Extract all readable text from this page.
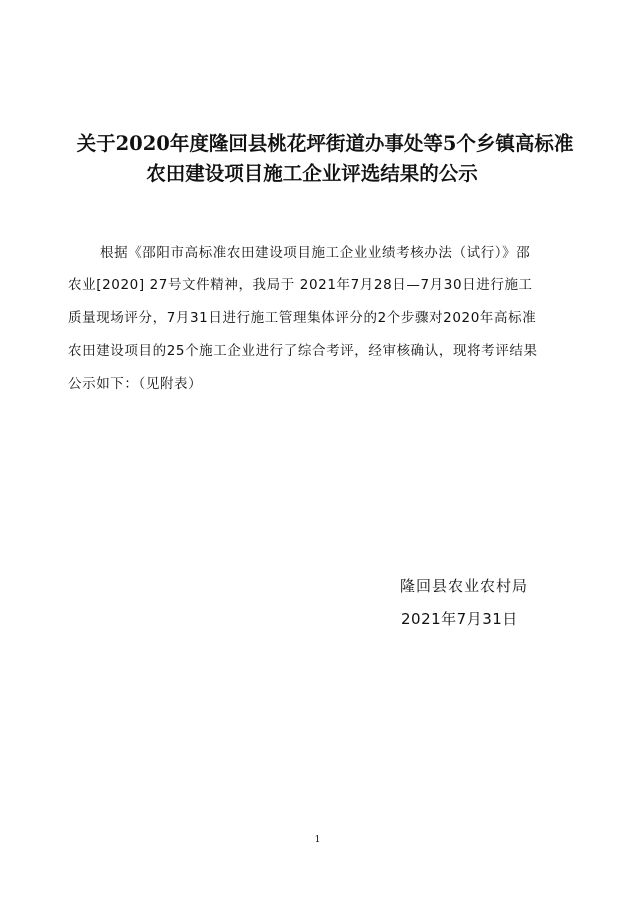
关于2020年度隆回县桃花坪街道办事处等5个乡镇高标准
农田建设项目施工企业评选结果的公示
根据《邵阳市高标准农田建设项目施工企业业绩考核办法（试行）》邵
农业[2020] 27号文件精神，我局于 2021年7月28日—7月30日进行施工
质量现场评分，7月31日进行施工管理集体评分的2个步骤对2020年高标准
农田建设项目的25个施工企业进行了综合考评，经审核确认，现将考评结果
公示如下：（见附表）
隆回县农业农村局
2021年7月31日
1
